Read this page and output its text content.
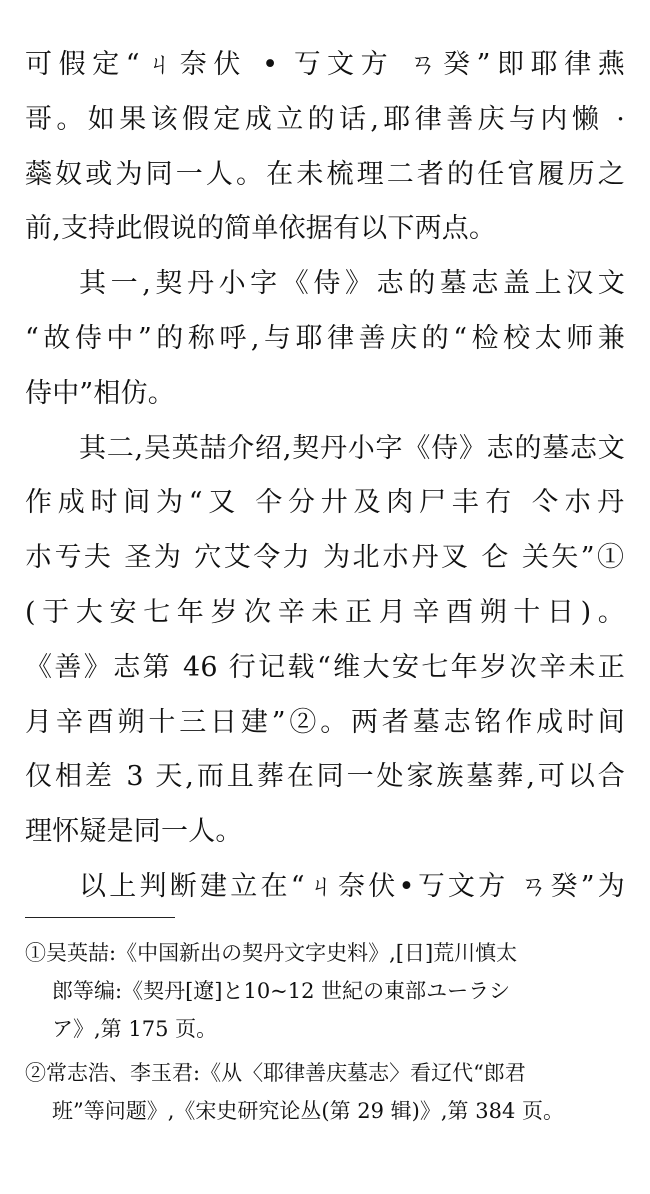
可假定“ㄐ奈伏 • 丂文方 ㄢ癸”即耶律燕
哥。如果该假定成立的话,耶律善庆与内懒 ·
蘂奴或为同一人。在未梳理二者的任官履历之
前,支持此假说的简单依据有以下两点。
其一,契丹小字《侍》志的墓志盖上汉文
“故侍中”的称呼,与耶律善庆的“检校太师兼
侍中”相仿。
其二,吴英喆介绍,契丹小字《侍》志的墓志文
作成时间为“又 仐分廾及肉尸丰冇 仒朩丹
朩亐夫 圣为 穴艾令力 为北朩丹叉 仑 关矢”①
(于大安七年岁次辛未正月辛酉朔十日)。
《善》志第 46 行记载“维大安七年岁次辛未正
月辛酉朔十三日建”②。两者墓志铭作成时间
仅相差 3 天,而且葬在同一处家族墓葬,可以合
理怀疑是同一人。
以上判断建立在“ㄐ奈伏•丂文方 ㄢ癸”为
①吴英喆:《中国新出の契丹文字史料》,[日]荒川慎太
郎等编:《契丹[遼]と10~12 世紀の東部ユーラシ
ア》,第 175 页。
②常志浩、李玉君:《从〈耶律善庆墓志〉看辽代“郎君
班”等问题》,《宋史研究论丛(第 29 辑)》,第 384 页。
